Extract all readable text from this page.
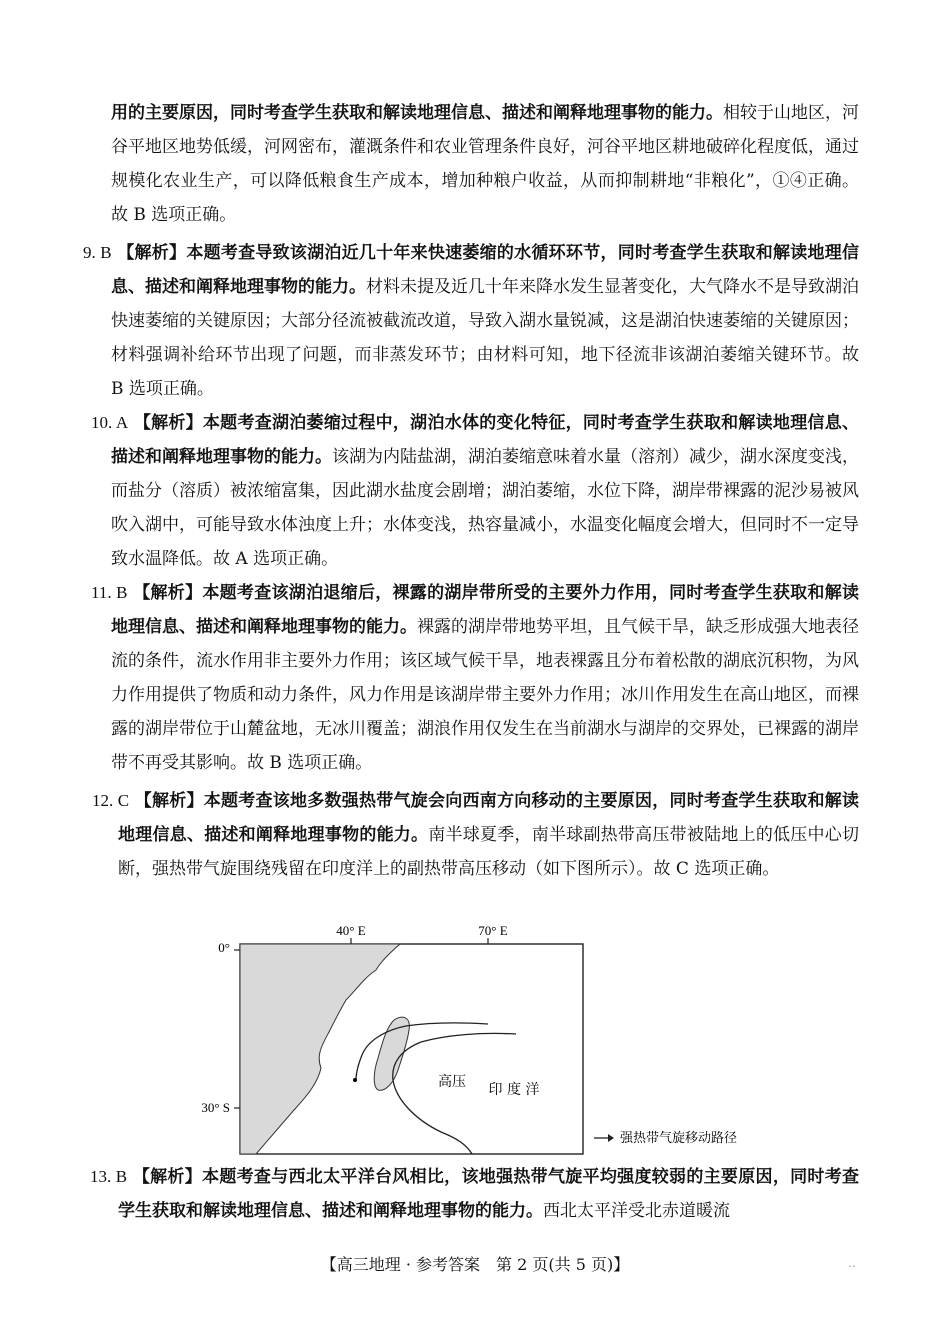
用的主要原因，同时考查学生获取和解读地理信息、描述和阐释地理事物的能力。相较于山地区，河谷平地区地势低缓，河网密布，灌溉条件和农业管理条件良好，河谷平地区耕地破碎化程度低，通过规模化农业生产，可以降低粮食生产成本，增加种粮户收益，从而抑制耕地“非粮化”，①④正确。故 B 选项正确。
9. B 【解析】本题考查导致该湖泊近几十年来快速萎缩的水循环环节，同时考查学生获取和解读地理信息、描述和阐释地理事物的能力。材料未提及近几十年来降水发生显著变化，大气降水不是导致湖泊快速萎缩的关键原因；大部分径流被截流改道，导致入湖水量锐减，这是湖泊快速萎缩的关键原因；材料强调补给环节出现了问题，而非蒸发环节；由材料可知，地下径流非该湖泊萎缩关键环节。故 B 选项正确。
10. A 【解析】本题考查湖泊萎缩过程中，湖泊水体的变化特征，同时考查学生获取和解读地理信息、描述和阐释地理事物的能力。该湖为内陆盐湖，湖泊萎缩意味着水量（溶剂）减少，湖水深度变浅，而盐分（溶质）被浓缩富集，因此湖水盐度会剧增；湖泊萎缩，水位下降，湖岸带裸露的泥沙易被风吹入湖中，可能导致水体浊度上升；水体变浅，热容量减小，水温变化幅度会增大，但同时不一定导致水温降低。故 A 选项正确。
11. B 【解析】本题考查该湖泊退缩后，裸露的湖岸带所受的主要外力作用，同时考查学生获取和解读地理信息、描述和阐释地理事物的能力。裸露的湖岸带地势平坦，且气候干旱，缺乏形成强大地表径流的条件，流水作用非主要外力作用；该区域气候干旱，地表裸露且分布着松散的湖底沉积物，为风力作用提供了物质和动力条件，风力作用是该湖岸带主要外力作用；冰川作用发生在高山地区，而裸露的湖岸带位于山麓盆地，无冰川覆盖；湖浪作用仅发生在当前湖水与湖岸的交界处，已裸露的湖岸带不再受其影响。故 B 选项正确。
12. C 【解析】本题考查该地多数强热带气旋会向西南方向移动的主要原因，同时考查学生获取和解读地理信息、描述和阐释地理事物的能力。南半球夏季，南半球副热带高压带被陆地上的低压中心切断，强热带气旋围绕残留在印度洋上的副热带高压移动（如下图所示）。故 C 选项正确。
40° E	70° E
0°
30° S
高压 印 度 洋
强热带气旋移动路径
13. B 【解析】本题考查与西北太平洋台风相比，该地强热带气旋平均强度较弱的主要原因，同时考查学生获取和解读地理信息、描述和阐释地理事物的能力。西北太平洋受北赤道暖流
【高三地理 · 参考答案　第 2 页(共 5 页)】	..
